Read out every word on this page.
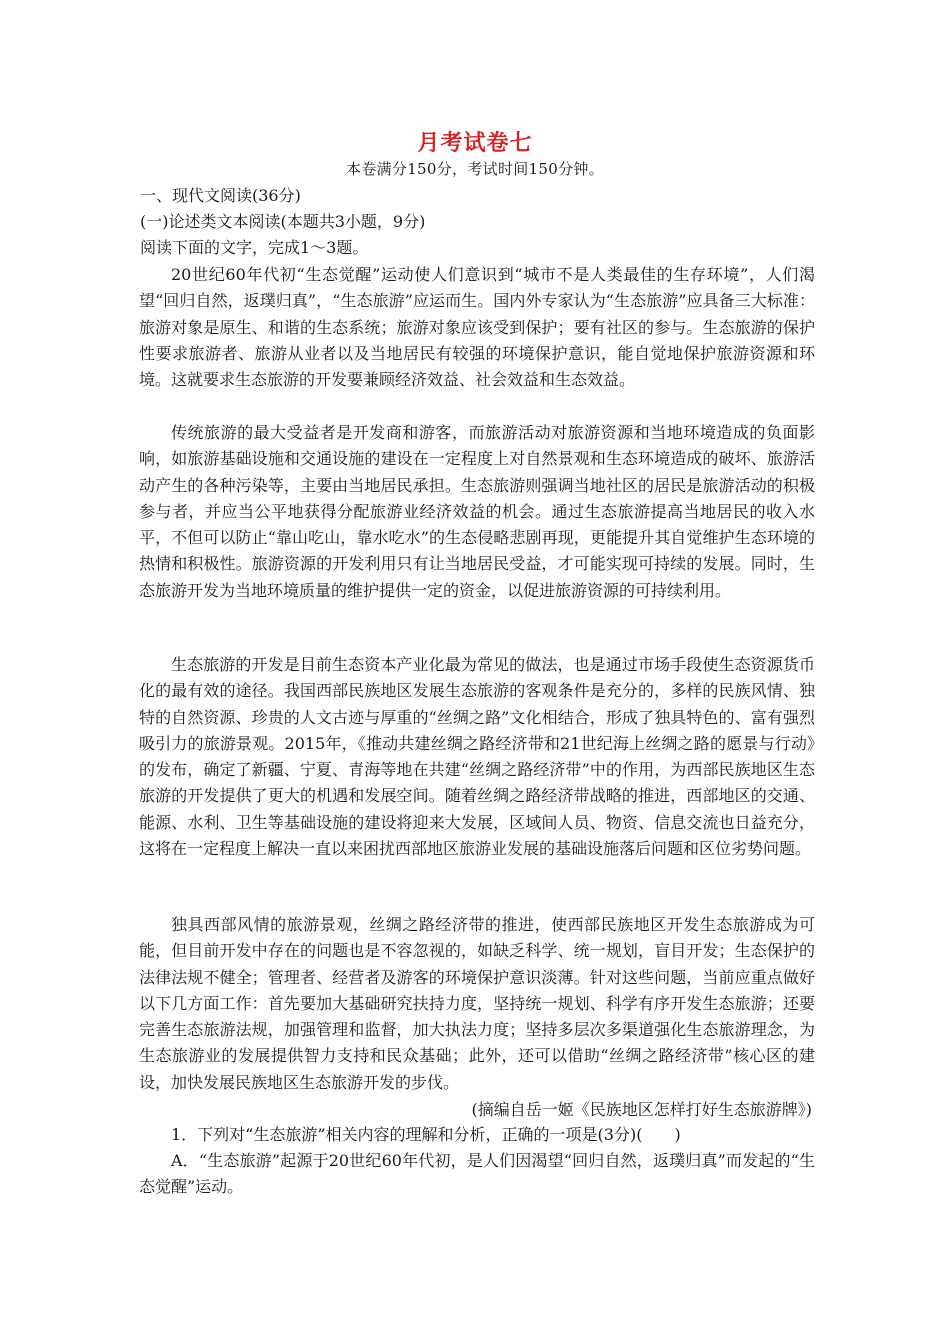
月考试卷七
本卷满分150分，考试时间150分钟。
一、现代文阅读(36分)
(一)论述类文本阅读(本题共3小题，9分)
阅读下面的文字，完成1～3题。
20世纪60年代初“生态觉醒”运动使人们意识到“城市不是人类最佳的生存环境”，人们渴望“回归自然，返璞归真”，“生态旅游”应运而生。国内外专家认为“生态旅游”应具备三大标准：旅游对象是原生、和谐的生态系统；旅游对象应该受到保护；要有社区的参与。生态旅游的保护性要求旅游者、旅游从业者以及当地居民有较强的环境保护意识，能自觉地保护旅游资源和环境。这就要求生态旅游的开发要兼顾经济效益、社会效益和生态效益。
传统旅游的最大受益者是开发商和游客，而旅游活动对旅游资源和当地环境造成的负面影响，如旅游基础设施和交通设施的建设在一定程度上对自然景观和生态环境造成的破坏、旅游活动产生的各种污染等，主要由当地居民承担。生态旅游则强调当地社区的居民是旅游活动的积极参与者，并应当公平地获得分配旅游业经济效益的机会。通过生态旅游提高当地居民的收入水平，不但可以防止“靠山吃山，靠水吃水”的生态侵略悲剧再现，更能提升其自觉维护生态环境的热情和积极性。旅游资源的开发利用只有让当地居民受益，才可能实现可持续的发展。同时，生态旅游开发为当地环境质量的维护提供一定的资金，以促进旅游资源的可持续利用。
生态旅游的开发是目前生态资本产业化最为常见的做法，也是通过市场手段使生态资源货币化的最有效的途径。我国西部民族地区发展生态旅游的客观条件是充分的，多样的民族风情、独特的自然资源、珍贵的人文古迹与厚重的“丝绸之路”文化相结合，形成了独具特色的、富有强烈吸引力的旅游景观。2015年，《推动共建丝绸之路经济带和21世纪海上丝绸之路的愿景与行动》的发布，确定了新疆、宁夏、青海等地在共建“丝绸之路经济带”中的作用，为西部民族地区生态旅游的开发提供了更大的机遇和发展空间。随着丝绸之路经济带战略的推进，西部地区的交通、能源、水利、卫生等基础设施的建设将迎来大发展，区域间人员、物资、信息交流也日益充分，这将在一定程度上解决一直以来困扰西部地区旅游业发展的基础设施落后问题和区位劣势问题。
独具西部风情的旅游景观，丝绸之路经济带的推进，使西部民族地区开发生态旅游成为可能，但目前开发中存在的问题也是不容忽视的，如缺乏科学、统一规划，盲目开发；生态保护的法律法规不健全；管理者、经营者及游客的环境保护意识淡薄。针对这些问题，当前应重点做好以下几方面工作：首先要加大基础研究扶持力度，坚持统一规划、科学有序开发生态旅游；还要完善生态旅游法规，加强管理和监督，加大执法力度；坚持多层次多渠道强化生态旅游理念，为生态旅游业的发展提供智力支持和民众基础；此外，还可以借助“丝绸之路经济带”核心区的建设，加快发展民族地区生态旅游开发的步伐。
(摘编自岳一姬《民族地区怎样打好生态旅游牌》)
1．下列对“生态旅游”相关内容的理解和分析，正确的一项是(3分)(　　)
A．“生态旅游”起源于20世纪60年代初，是人们因渴望“回归自然，返璞归真”而发起的“生态觉醒”运动。
